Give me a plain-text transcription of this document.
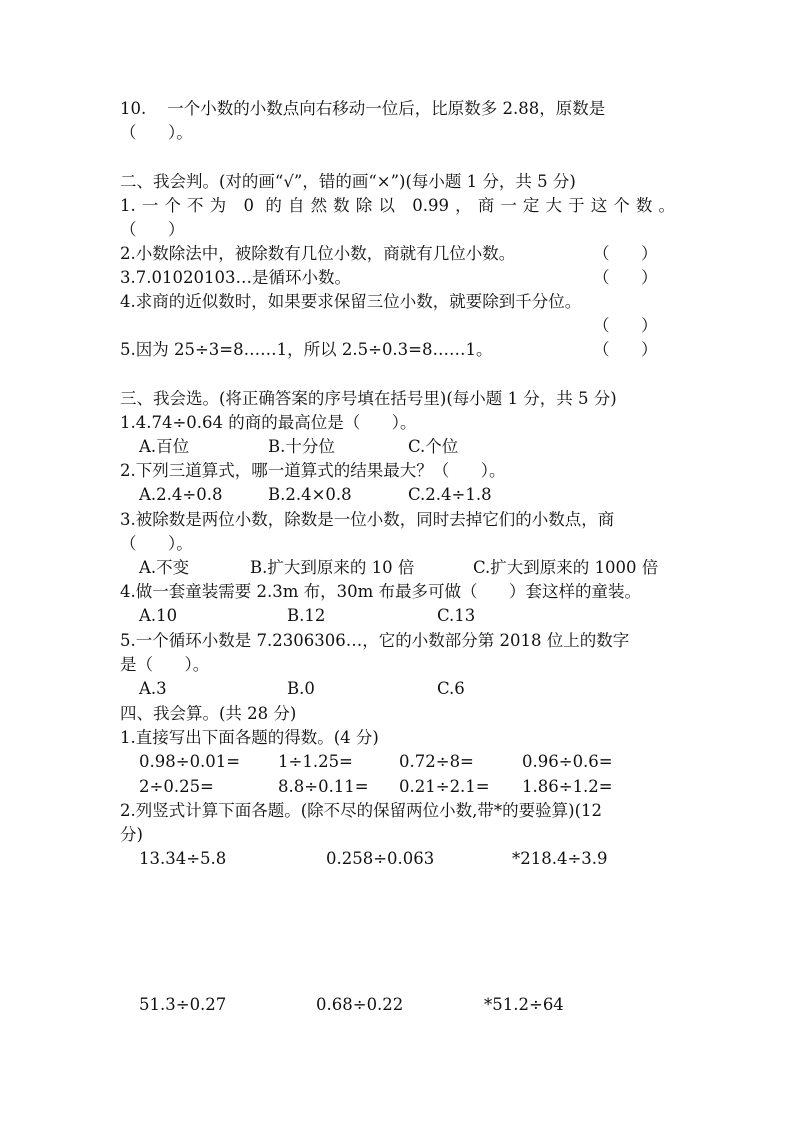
10.    一个小数的小数点向右移动一位后，比原数多 2.88，原数是
（      ）。
二、我会判。(对的画“√”，错的画“×”)(每小题 1 分，共 5 分)
1.一个不为 0 的自然数除以 0.99，商一定大于这个数。
（      ）
2.小数除法中，被除数有几位小数，商就有几位小数。	（      ）
3.7.01020103…是循环小数。	（      ）
4.求商的近似数时，如果要求保留三位小数，就要除到千分位。
（      ）
5.因为 25÷3=8……1，所以 2.5÷0.3=8……1。	（      ）
三、我会选。(将正确答案的序号填在括号里)(每小题 1 分，共 5 分)
1.4.74÷0.64 的商的最高位是（      ）。
A.百位	B.十分位	C.个位
2.下列三道算式，哪一道算式的结果最大？（      ）。
A.2.4÷0.8	B.2.4×0.8	C.2.4÷1.8
3.被除数是两位小数，除数是一位小数，同时去掉它们的小数点，商
（      ）。
A.不变	B.扩大到原来的 10 倍	C.扩大到原来的 1000 倍
4.做一套童装需要 2.3m 布，30m 布最多可做（      ）套这样的童装。
A.10	B.12	C.13
5.一个循环小数是 7.2306306…，它的小数部分第 2018 位上的数字
是（      ）。
A.3	B.0	C.6
四、我会算。(共 28 分)
1.直接写出下面各题的得数。(4 分)
0.98÷0.01= 1÷1.25=	0.72÷8=	0.96÷0.6=
2÷0.25=	8.8÷0.11= 0.21÷2.1= 1.86÷1.2=
2.列竖式计算下面各题。(除不尽的保留两位小数,带*的要验算)(12
分)
13.34÷5.8	0.258÷0.063	*218.4÷3.9
51.3÷0.27	0.68÷0.22	*51.2÷64
